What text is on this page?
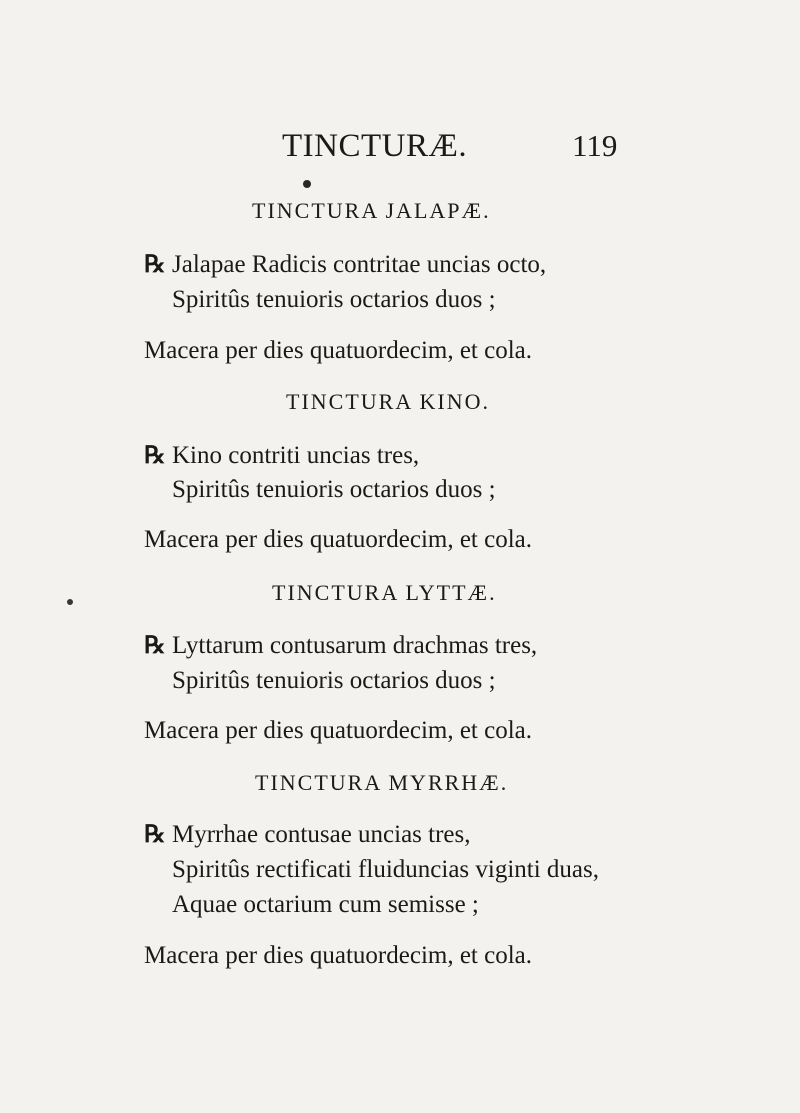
TINCTURÆ.	119
TINCTURA JALAPÆ.
℞ Jalapae Radicis contritae uncias octo,
Spiritûs tenuioris octarios duos ;
Macera per dies quatuordecim, et cola.
TINCTURA KINO.
℞ Kino contriti uncias tres,
Spiritûs tenuioris octarios duos ;
Macera per dies quatuordecim, et cola.
TINCTURA LYTTÆ.
℞ Lyttarum contusarum drachmas tres,
Spiritûs tenuioris octarios duos ;
Macera per dies quatuordecim, et cola.
TINCTURA MYRRHÆ.
℞ Myrrhae contusae uncias tres,
Spiritûs rectificati fluiduncias viginti duas,
Aquae octarium cum semisse ;
Macera per dies quatuordecim, et cola.
